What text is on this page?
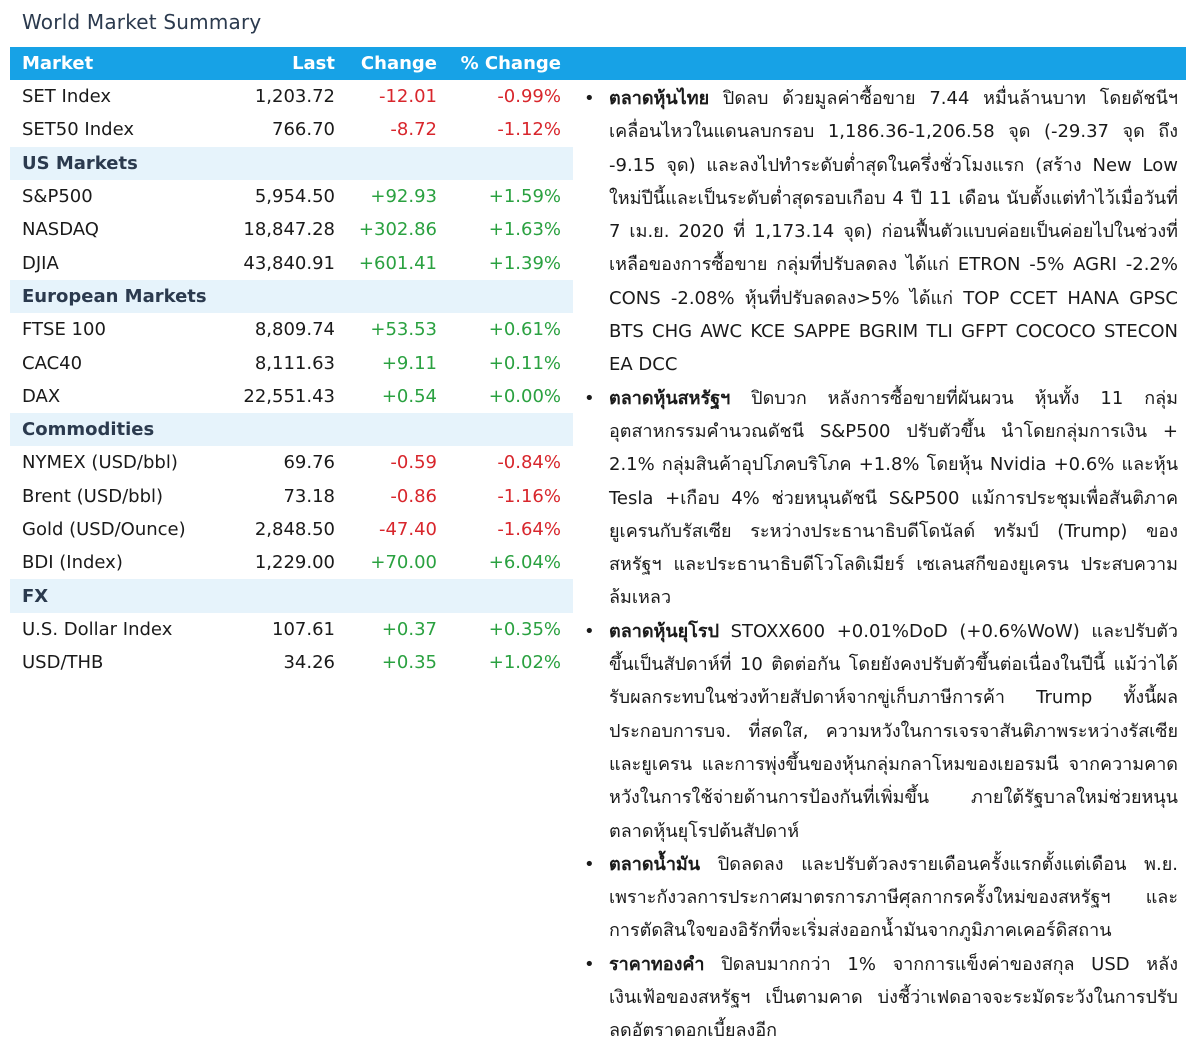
World Market Summary
Market	Last	Change	% Change
SET Index	1,203.72	-12.01	-0.99%
SET50 Index	766.70	-8.72	-1.12%
US Markets			
S&P500	5,954.50	+92.93	+1.59%
NASDAQ	18,847.28	+302.86	+1.63%
DJIA	43,840.91	+601.41	+1.39%
European Markets			
FTSE 100	8,809.74	+53.53	+0.61%
CAC40	8,111.63	+9.11	+0.11%
DAX	22,551.43	+0.54	+0.00%
Commodities			
NYMEX (USD/bbl)	69.76	-0.59	-0.84%
Brent (USD/bbl)	73.18	-0.86	-1.16%
Gold (USD/Ounce)	2,848.50	-47.40	-1.64%
BDI (Index)	1,229.00	+70.00	+6.04%
FX			
U.S. Dollar Index	107.61	+0.37	+0.35%
USD/THB	34.26	+0.35	+1.02%
• ตลาดหุ้นไทย ปิดลบ ด้วยมูลค่าซื้อขาย 7.44 หมื่นล้านบาท โดยดัชนีฯ เคลื่อนไหวในแดนลบกรอบ 1,186.36-1,206.58 จุด (-29.37 จุด ถึง -9.15 จุด) และลงไปทำระดับต่ำสุดในครึ่งชั่วโมงแรก (สร้าง New Low ใหม่ปีนี้และเป็นระดับต่ำสุดรอบเกือบ 4 ปี 11 เดือน นับตั้งแต่ทำไว้เมื่อวันที่ 7 เม.ย. 2020 ที่ 1,173.14 จุด) ก่อนฟื้นตัวแบบค่อยเป็นค่อยไปในช่วงที่เหลือของการซื้อขาย กลุ่มที่ปรับลดลง ได้แก่ ETRON -5% AGRI -2.2% CONS -2.08% หุ้นที่ปรับลดลง>5% ได้แก่ TOP CCET HANA GPSC BTS CHG AWC KCE SAPPE BGRIM TLI GFPT COCOCO STECON EA DCC
• ตลาดหุ้นสหรัฐฯ ปิดบวก หลังการซื้อขายที่ผันผวน หุ้นทั้ง 11 กลุ่มอุตสาหกรรมคำนวณดัชนี S&P500 ปรับตัวขึ้น นำโดยกลุ่มการเงิน + 2.1% กลุ่มสินค้าอุปโภคบริโภค +1.8% โดยหุ้น Nvidia +0.6% และหุ้น Tesla +เกือบ 4% ช่วยหนุนดัชนี S&P500 แม้การประชุมเพื่อสันติภาคยูเครนกับรัสเซีย ระหว่างประธานาธิบดีโดนัลด์ ทรัมป์ (Trump) ของสหรัฐฯ และประธานาธิบดีโวโลดิเมียร์ เซเลนสกีของยูเครน ประสบความล้มเหลว
• ตลาดหุ้นยุโรป STOXX600 +0.01%DoD (+0.6%WoW) และปรับตัวขึ้นเป็นสัปดาห์ที่ 10 ติดต่อกัน โดยยังคงปรับตัวขึ้นต่อเนื่องในปีนี้ แม้ว่าได้รับผลกระทบในช่วงท้ายสัปดาห์จากขู่เก็บภาษีการค้า Trump ทั้งนี้ผลประกอบการบจ. ที่สดใส, ความหวังในการเจรจาสันติภาพระหว่างรัสเซียและยูเครน และการพุ่งขึ้นของหุ้นกลุ่มกลาโหมของเยอรมนี จากความคาดหวังในการใช้จ่ายด้านการป้องกันที่เพิ่มขึ้น ภายใต้รัฐบาลใหม่ช่วยหนุนตลาดหุ้นยุโรปต้นสัปดาห์
• ตลาดน้ำมัน ปิดลดลง และปรับตัวลงรายเดือนครั้งแรกตั้งแต่เดือน พ.ย. เพราะกังวลการประกาศมาตรการภาษีศุลกากรครั้งใหม่ของสหรัฐฯ และการตัดสินใจของอิรักที่จะเริ่มส่งออกน้ำมันจากภูมิภาคเคอร์ดิสถาน
• ราคาทองคำ ปิดลบมากกว่า 1% จากการแข็งค่าของสกุล USD หลังเงินเฟ้อของสหรัฐฯ เป็นตามคาด บ่งชี้ว่าเฟดอาจจะระมัดระวังในการปรับลดอัตราดอกเบี้ยลงอีก
